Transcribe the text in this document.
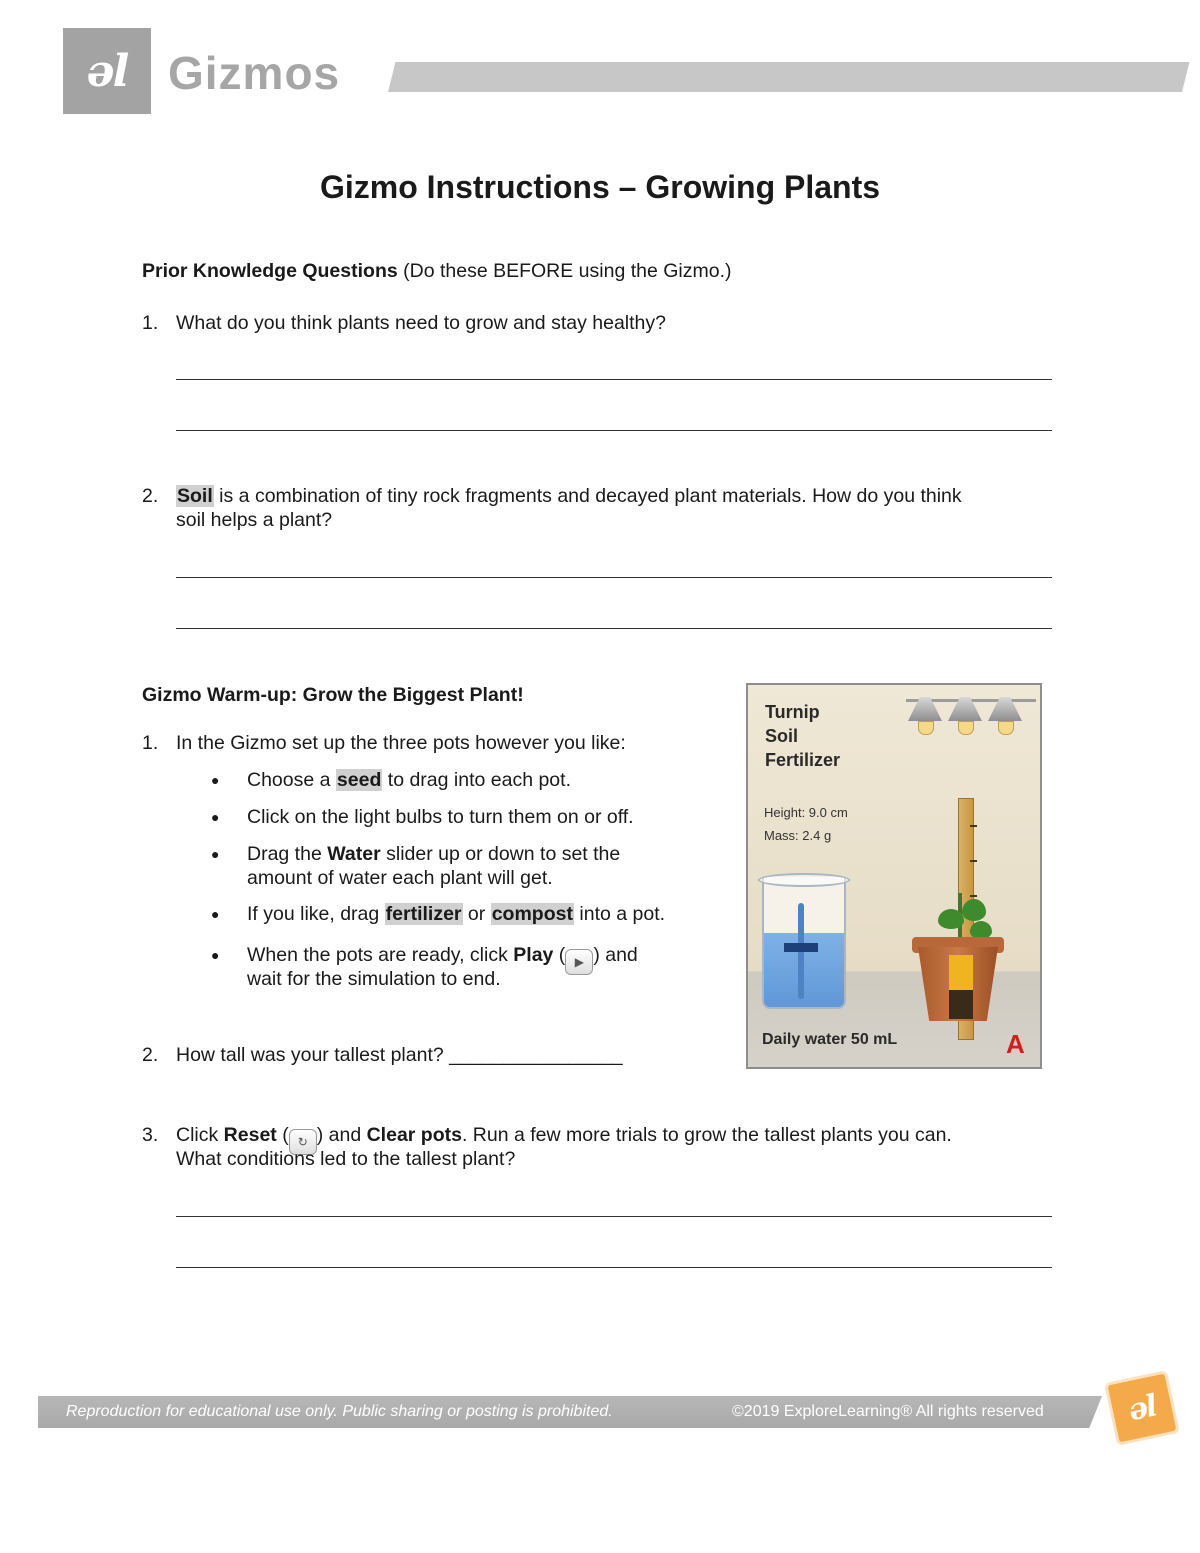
əl Gizmos
Gizmo Instructions – Growing Plants
Prior Knowledge Questions (Do these BEFORE using the Gizmo.)
1. What do you think plants need to grow and stay healthy?
2. Soil is a combination of tiny rock fragments and decayed plant materials. How do you think
soil helps a plant?
Gizmo Warm-up: Grow the Biggest Plant!
1. In the Gizmo set up the three pots however you like:
● Choose a seed to drag into each pot.
● Click on the light bulbs to turn them on or off.
● Drag the Water slider up or down to set the
amount of water each plant will get.
● If you like, drag fertilizer or compost into a pot.
● When the pots are ready, click Play ( ▶ ) and
wait for the simulation to end.
2. How tall was your tallest plant? ________________
3. Click Reset ( ↻ ) and Clear pots. Run a few more trials to grow the tallest plants you can.
What conditions led to the tallest plant?
Turnip
Soil
Fertilizer
Height: 9.0 cm
Mass: 2.4 g
Daily water 50 mL	A
Reproduction for educational use only. Public sharing or posting is prohibited.	©2019 ExploreLearning® All rights reserved	əl
